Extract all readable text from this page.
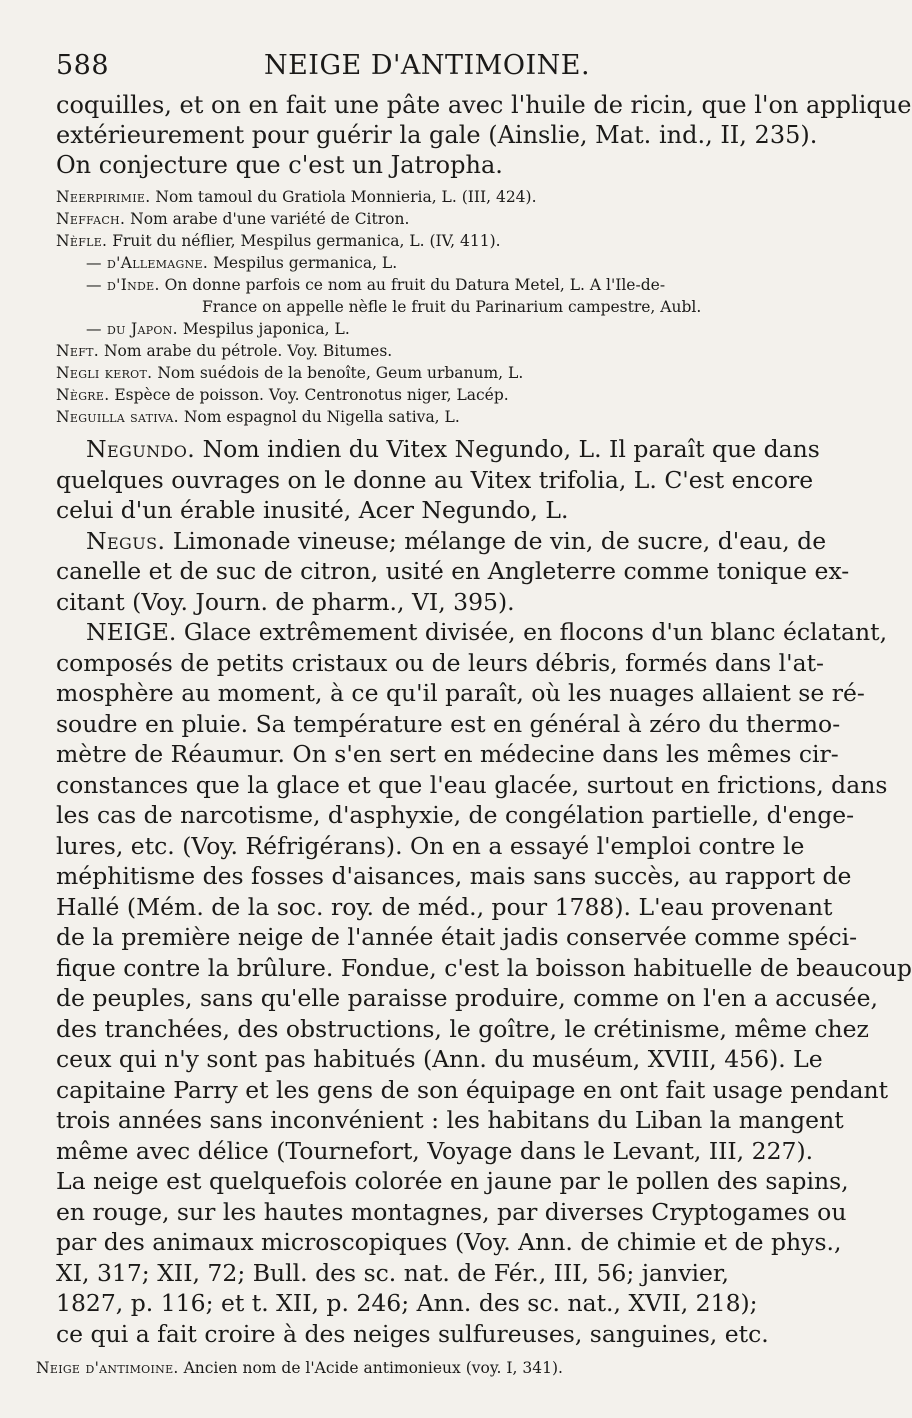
588	NEIGE D'ANTIMOINE.
coquilles, et on en fait une pâte avec l'huile de ricin, que l'on applique
extérieurement pour guérir la gale (Ainslie, Mat. ind., II, 235).
On conjecture que c'est un Jatropha.
Neerpirimie. Nom tamoul du Gratiola Monnieria, L. (III, 424).
Neffach. Nom arabe d'une variété de Citron.
Nèfle. Fruit du néflier, Mespilus germanica, L. (IV, 411).
— d'Allemagne. Mespilus germanica, L.
— d'Inde. On donne parfois ce nom au fruit du Datura Metel, L. A l'Ile-de-
France on appelle nèfle le fruit du Parinarium campestre, Aubl.
— du Japon. Mespilus japonica, L.
Neft. Nom arabe du pétrole. Voy. Bitumes.
Negli kerot. Nom suédois de la benoîte, Geum urbanum, L.
Nègre. Espèce de poisson. Voy. Centronotus niger, Lacép.
Neguilla sativa. Nom espagnol du Nigella sativa, L.
Negundo. Nom indien du Vitex Negundo, L. Il paraît que dans
quelques ouvrages on le donne au Vitex trifolia, L. C'est encore
celui d'un érable inusité, Acer Negundo, L.
Negus. Limonade vineuse; mélange de vin, de sucre, d'eau, de
canelle et de suc de citron, usité en Angleterre comme tonique ex-
citant (Voy. Journ. de pharm., VI, 395).
NEIGE. Glace extrêmement divisée, en flocons d'un blanc éclatant,
composés de petits cristaux ou de leurs débris, formés dans l'at-
mosphère au moment, à ce qu'il paraît, où les nuages allaient se ré-
soudre en pluie. Sa température est en général à zéro du thermo-
mètre de Réaumur. On s'en sert en médecine dans les mêmes cir-
constances que la glace et que l'eau glacée, surtout en frictions, dans
les cas de narcotisme, d'asphyxie, de congélation partielle, d'enge-
lures, etc. (Voy. Réfrigérans). On en a essayé l'emploi contre le
méphitisme des fosses d'aisances, mais sans succès, au rapport de
Hallé (Mém. de la soc. roy. de méd., pour 1788). L'eau provenant
de la première neige de l'année était jadis conservée comme spéci-
fique contre la brûlure. Fondue, c'est la boisson habituelle de beaucoup
de peuples, sans qu'elle paraisse produire, comme on l'en a accusée,
des tranchées, des obstructions, le goître, le crétinisme, même chez
ceux qui n'y sont pas habitués (Ann. du muséum, XVIII, 456). Le
capitaine Parry et les gens de son équipage en ont fait usage pendant
trois années sans inconvénient : les habitans du Liban la mangent
même avec délice (Tournefort, Voyage dans le Levant, III, 227).
La neige est quelquefois colorée en jaune par le pollen des sapins,
en rouge, sur les hautes montagnes, par diverses Cryptogames ou
par des animaux microscopiques (Voy. Ann. de chimie et de phys.,
XI, 317; XII, 72; Bull. des sc. nat. de Fér., III, 56; janvier,
1827, p. 116; et t. XII, p. 246; Ann. des sc. nat., XVII, 218);
ce qui a fait croire à des neiges sulfureuses, sanguines, etc.
Neige d'antimoine. Ancien nom de l'Acide antimonieux (voy. I, 341).
